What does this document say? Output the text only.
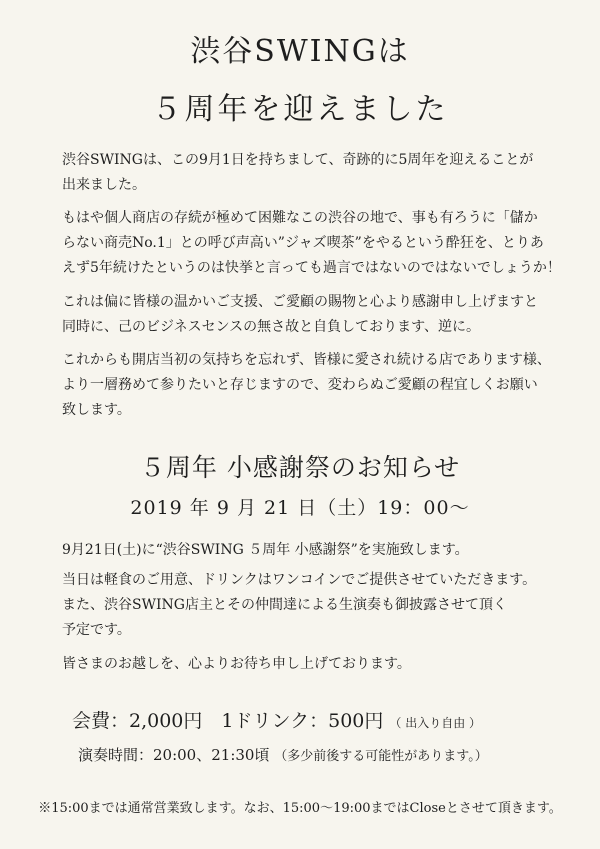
渋谷SWINGは
５周年を迎えました

渋谷SWINGは、この9月1日を持ちまして、奇跡的に5周年を迎えることが
出来ました。

もはや個人商店の存続が極めて困難なこの渋谷の地で、事も有ろうに「儲か
らない商売No.1」との呼び声高い”ジャズ喫茶”をやるという酔狂を、とりあ
えず5年続けたというのは快挙と言っても過言ではないのではないでしょうか！

これは偏に皆様の温かいご支援、ご愛顧の賜物と心より感謝申し上げますと
同時に、己のビジネスセンスの無さ故と自負しております、逆に。

これからも開店当初の気持ちを忘れず、皆様に愛され続ける店であります様、
より一層務めて参りたいと存じますので、変わらぬご愛顧の程宜しくお願い
致します。

５周年 小感謝祭のお知らせ

2019 年 9 月 21 日（土）19：00〜

9月21日(土)に“渋谷SWING ５周年 小感謝祭”を実施致します。

当日は軽食のご用意、ドリンクはワンコインでご提供させていただきます。
また、渋谷SWING店主とその仲間達による生演奏も御披露させて頂く
予定です。

皆さまのお越しを、心よりお待ち申し上げております。

会費：2,000円　1ドリンク：500円 （ 出入り自由 ）

演奏時間：20:00、21:30頃 （多少前後する可能性があります。）

※15:00までは通常営業致します。なお、15:00〜19:00まではCloseとさせて頂きます。
